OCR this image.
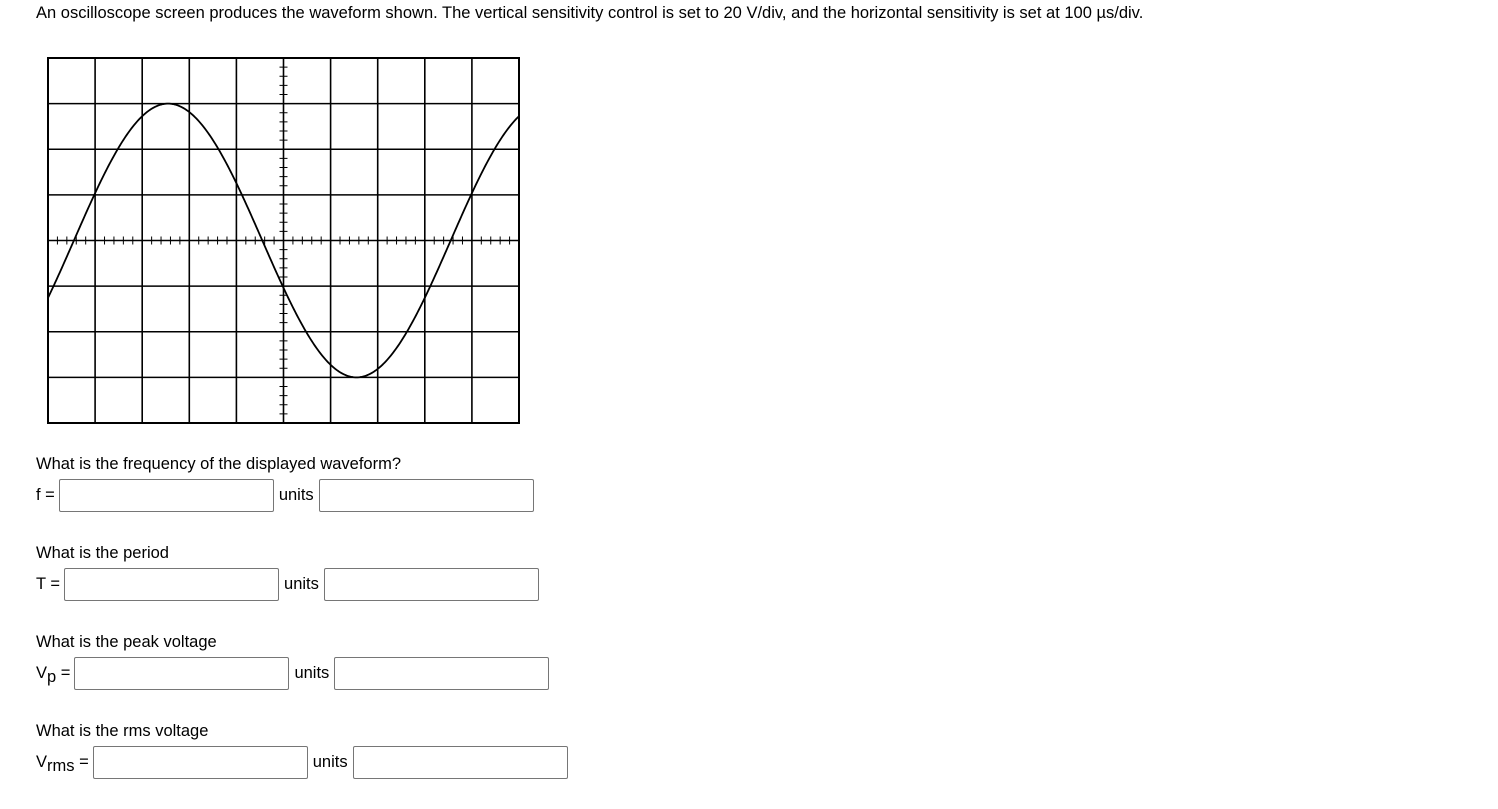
An oscilloscope screen produces the waveform shown. The vertical sensitivity control is set to 20 V/div, and the horizontal sensitivity is set at 100 µs/div.
What is the frequency of the displayed waveform?
f =	units
What is the period
T =	units
What is the peak voltage
$V_p$ =	units
What is the rms voltage
$V_{rms}$ =	units
